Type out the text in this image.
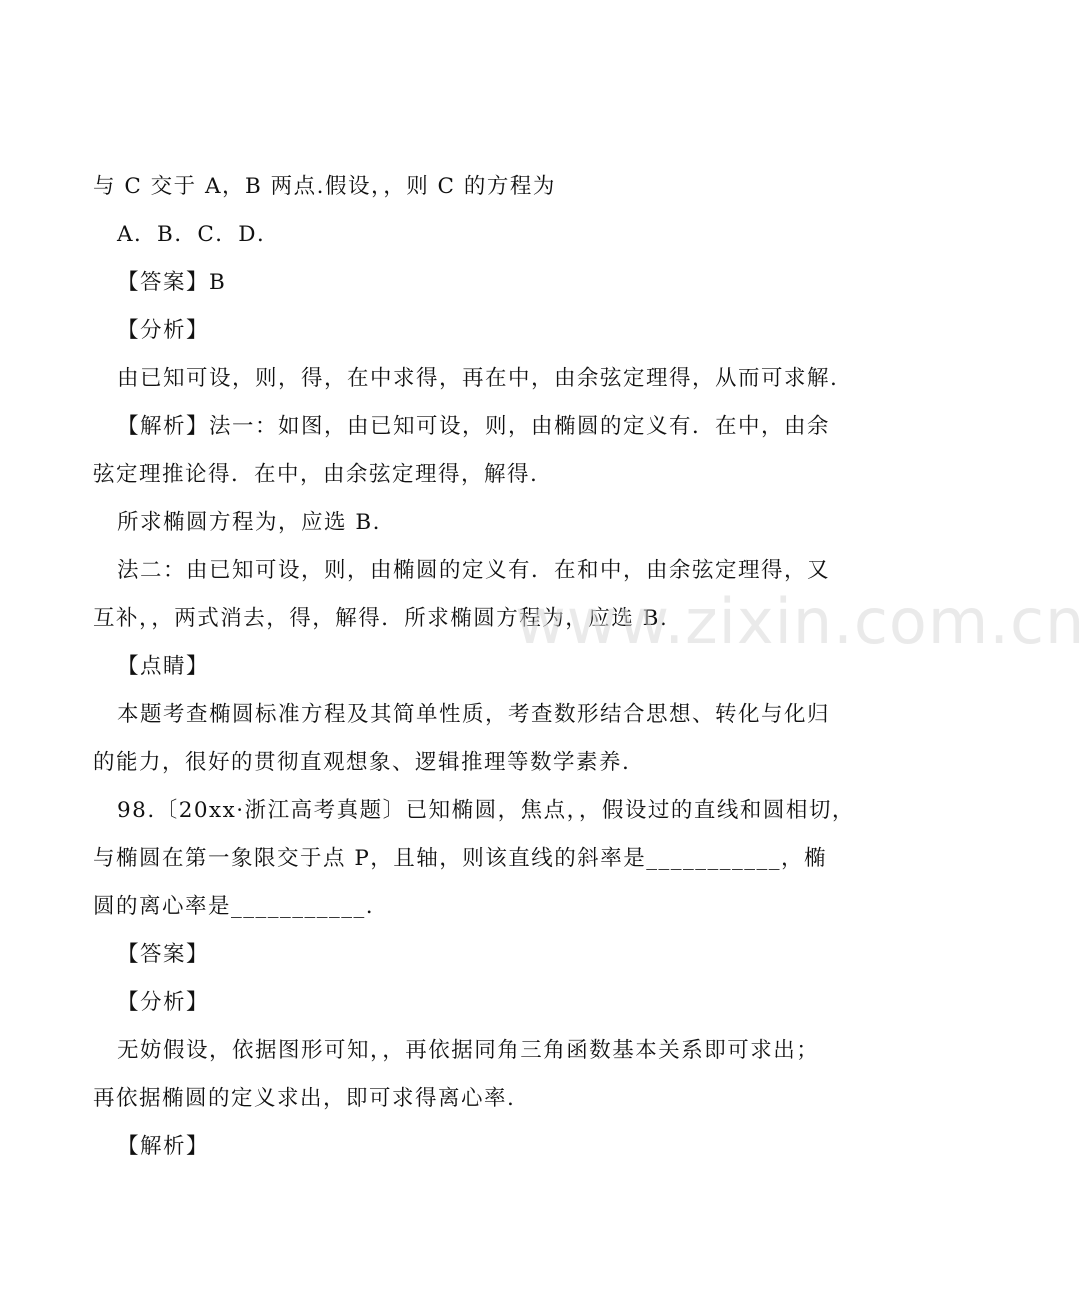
与 C 交于 A，B 两点.假设，，则 C 的方程为
A．B．C．D．
【答案】B
【分析】
由已知可设，则，得，在中求得，再在中，由余弦定理得，从而可求解.
【解析】法一：如图，由已知可设，则，由椭圆的定义有．在中，由余
弦定理推论得．在中，由余弦定理得，解得.
所求椭圆方程为，应选 B.
法二：由已知可设，则，由椭圆的定义有．在和中，由余弦定理得，又
互补，，两式消去，得，解得．所求椭圆方程为，应选 B.
【点睛】
本题考查椭圆标准方程及其简单性质，考查数形结合思想、转化与化归
的能力，很好的贯彻直观想象、逻辑推理等数学素养.
98.〔20xx·浙江高考真题〕已知椭圆，焦点，，假设过的直线和圆相切，
与椭圆在第一象限交于点 P，且轴，则该直线的斜率是___________，椭
圆的离心率是___________.
【答案】
【分析】
无妨假设，依据图形可知，，再依据同角三角函数基本关系即可求出；
再依据椭圆的定义求出，即可求得离心率.
【解析】
www.zixin.com.cn
